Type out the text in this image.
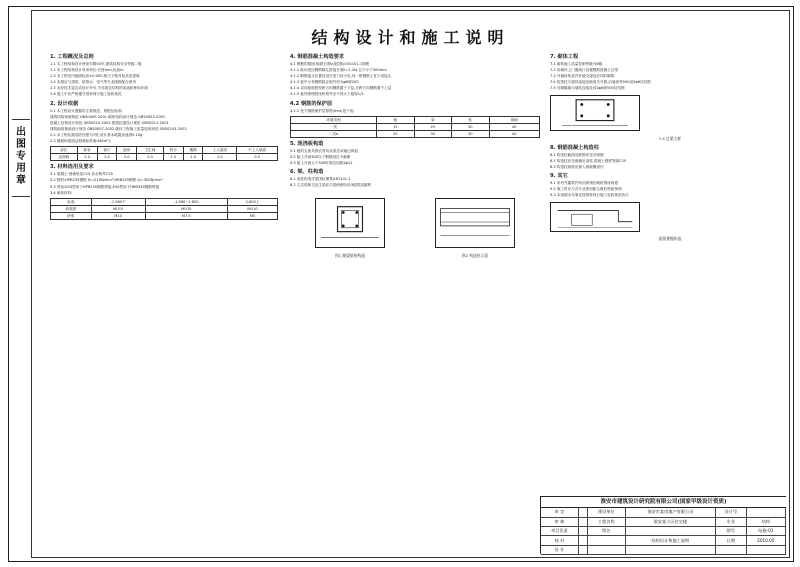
出图专用章
结构设计和施工说明
1. 工程概况及总则
1.1 本工程结构设计使用年限50年,建筑结构安全等级二级
1.2 本工程结构设计所用单位:长度mm,标高m
1.3 本工程室内地面标高±0.000,相当于绝对标高见建施
1.4 本图应与建筑、给排水、电气等专业图纸配合使用
1.5 未经技术鉴定或设计许可,不得改变结构的用途和使用环境
1.6 施工中应严格遵守国家现行施工验收规范
2. 设计依据
2.1 本工程设计遵循的主要规范、规程及标准:
建筑结构荷载规范 GB50009-2001 砌体结构设计规范 GB50003-2001
混凝土结构设计规范 GB50010-2002 建筑抗震设计规范 GB50011-2001
建筑地基基础设计规范 GB50007-2002 砌体工程施工质量验收规范 GB50203-2002
2.2 本工程抗震设防烈度为7度,设计基本地震加速度0.10g
2.3 楼面和屋面活荷载标准值(kN/m²):
部位	卧室	客厅	厨房	卫生间	阳台	楼梯	上人屋面	不上人屋面
活荷载	2.0	2.0	2.0	2.0	2.5	2.0	2.0	0.5
3. 材料选用及要求
3.1 混凝土:基础垫层C15,其余构件C25
3.2 钢材:HPB235钢筋 fy=210N/mm²;HRB335钢筋 fy=300N/mm²
3.3 焊条:E43型用于HPB235钢筋焊接,E50型用于HRB335钢筋焊接
3.4 砌体材料:
标高	-1.580下	-1.580~2.800	2.800上
砖强度	MU15	MU10	MU10
砂浆	M10	M7.5	M5
4. 钢筋混凝土构造要求
4.1 钢筋的锚固:锚固长度la见国标03G101-1图集
4.1.1 纵向受拉钢筋绑扎搭接长度ll=1.2la,且不小于300mm
4.1.2 钢筋接头位置宜设在受力较小处,同一根钢筋上宜少设接头
4.1.3 板中分布钢筋除注明外均为φ6@200
4.1.4 双向板底筋短跨方向钢筋置于下层,长跨方向钢筋置于上层
4.1.5 板内预埋管线时管外径不得大于板厚1/3
4.2 钢筋的保护层
4.2.1 受力钢筋保护层厚度(mm)见下表:
环境类别	板	梁	柱	基础
一类	15	25	30	40
二类a	20	30	30	40
5. 现浇板构造
5.1 板的支座负筋长度均从梁边或墙边算起
5.2 板上开洞300以下钢筋绕过不截断
5.3 板上开洞大于300时洞边加筋2φ12
6. 梁、柱构造
6.1 梁柱构造详见国标图集03G101-1
6.2 主次梁相交处主梁在次梁两侧各设3组附加箍筋
图1 圈梁搭接构造	图2 构造柱示意
7. 砌体工程
7.1 砌体施工质量控制等级为B级
7.2 砖砌体上门窗洞口设置钢筋混凝土过梁
7.3 外墙转角及内外墙交接处应同时砌筑
7.4 构造柱与墙体连接处砌成马牙槎,沿墙高每500设2φ6拉结筋
7.5 后砌隔墙与墙柱连接处设2φ6@500拉结筋
7.4 过梁大样
8. 钢筋混凝土构造柱
8.1 构造柱截面及配筋详见平面图
8.2 构造柱应先砌墙后浇柱,混凝土强度等级C25
8.3 构造柱纵筋应锚入基础圈梁内
9. 其它
9.1 所有外露铁件均应除锈后刷防锈漆两道
9.2 施工时应与各专业密切配合做好预留预埋
9.3 本说明未尽事宜按国家现行施工验收规范执行
屋面挑檐构造
淮安市建筑设计研究院有限公司(国家甲级设计资质)
审 定		建设单位	淮安市某房地产有限公司	设计号	
审 核		工程名称	淮安某小区住宅楼	专业	结构
项目负责		图名		图号	结施-01
校 对			结构设计和施工说明	日期	2010.05
设 计					
